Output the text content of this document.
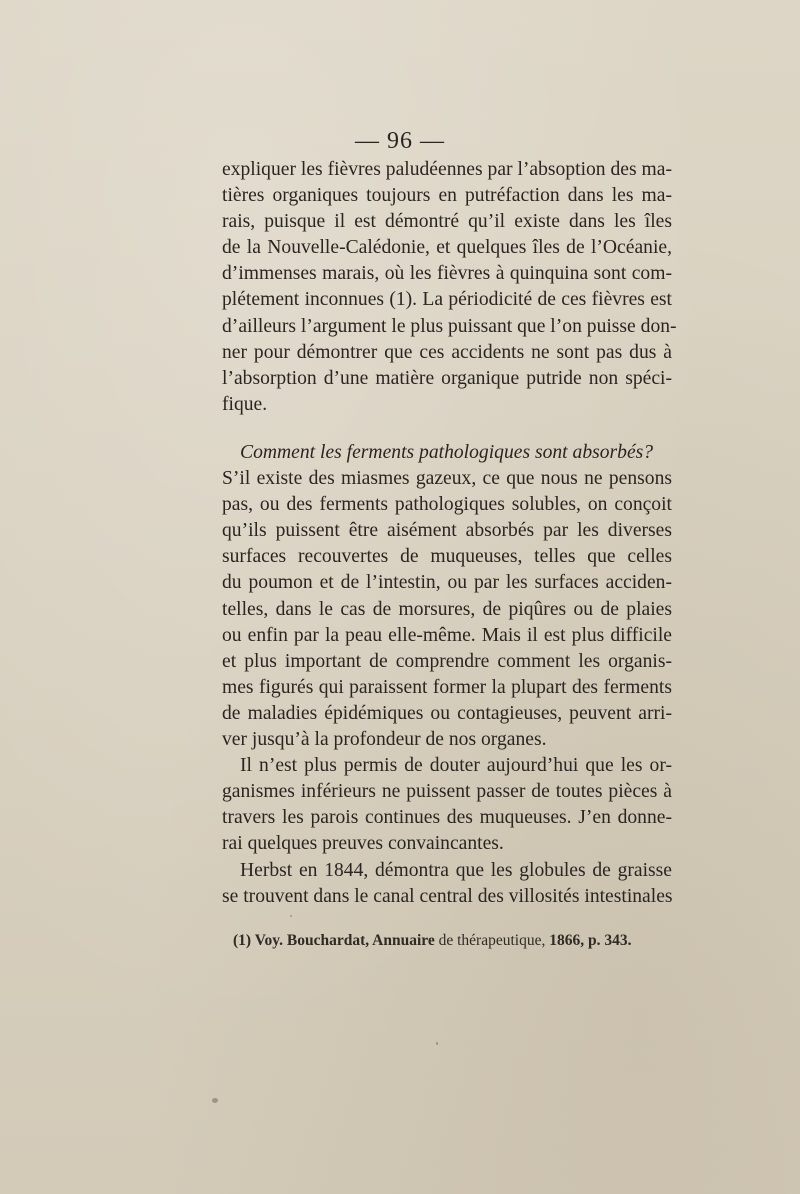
— 96 —
expliquer les fièvres paludéennes par l’absoption des ma-
tières organiques toujours en putréfaction dans les ma-
rais, puisque il est démontré qu’il existe dans les îles
de la Nouvelle-Calédonie, et quelques îles de l’Océanie,
d’immenses marais, où les fièvres à quinquina sont com-
plétement inconnues (1). La périodicité de ces fièvres est
d’ailleurs l’argument le plus puissant que l’on puisse don-
ner pour démontrer que ces accidents ne sont pas dus à
l’absorption d’une matière organique putride non spéci-
fique.
Comment les ferments pathologiques sont absorbés?
S’il existe des miasmes gazeux, ce que nous ne pensons
pas, ou des ferments pathologiques solubles, on conçoit
qu’ils puissent être aisément absorbés par les diverses
surfaces recouvertes de muqueuses, telles que celles
du poumon et de l’intestin, ou par les surfaces acciden-
telles, dans le cas de morsures, de piqûres ou de plaies
ou enfin par la peau elle-même. Mais il est plus difficile
et plus important de comprendre comment les organis-
mes figurés qui paraissent former la plupart des ferments
de maladies épidémiques ou contagieuses, peuvent arri-
ver jusqu’à la profondeur de nos organes.
Il n’est plus permis de douter aujourd’hui que les or-
ganismes inférieurs ne puissent passer de toutes pièces à
travers les parois continues des muqueuses. J’en donne-
rai quelques preuves convaincantes.
Herbst en 1844, démontra que les globules de graisse
se trouvent dans le canal central des villosités intestinales
(1) Voy. Bouchardat, Annuaire de thérapeutique, 1866, p. 343.
